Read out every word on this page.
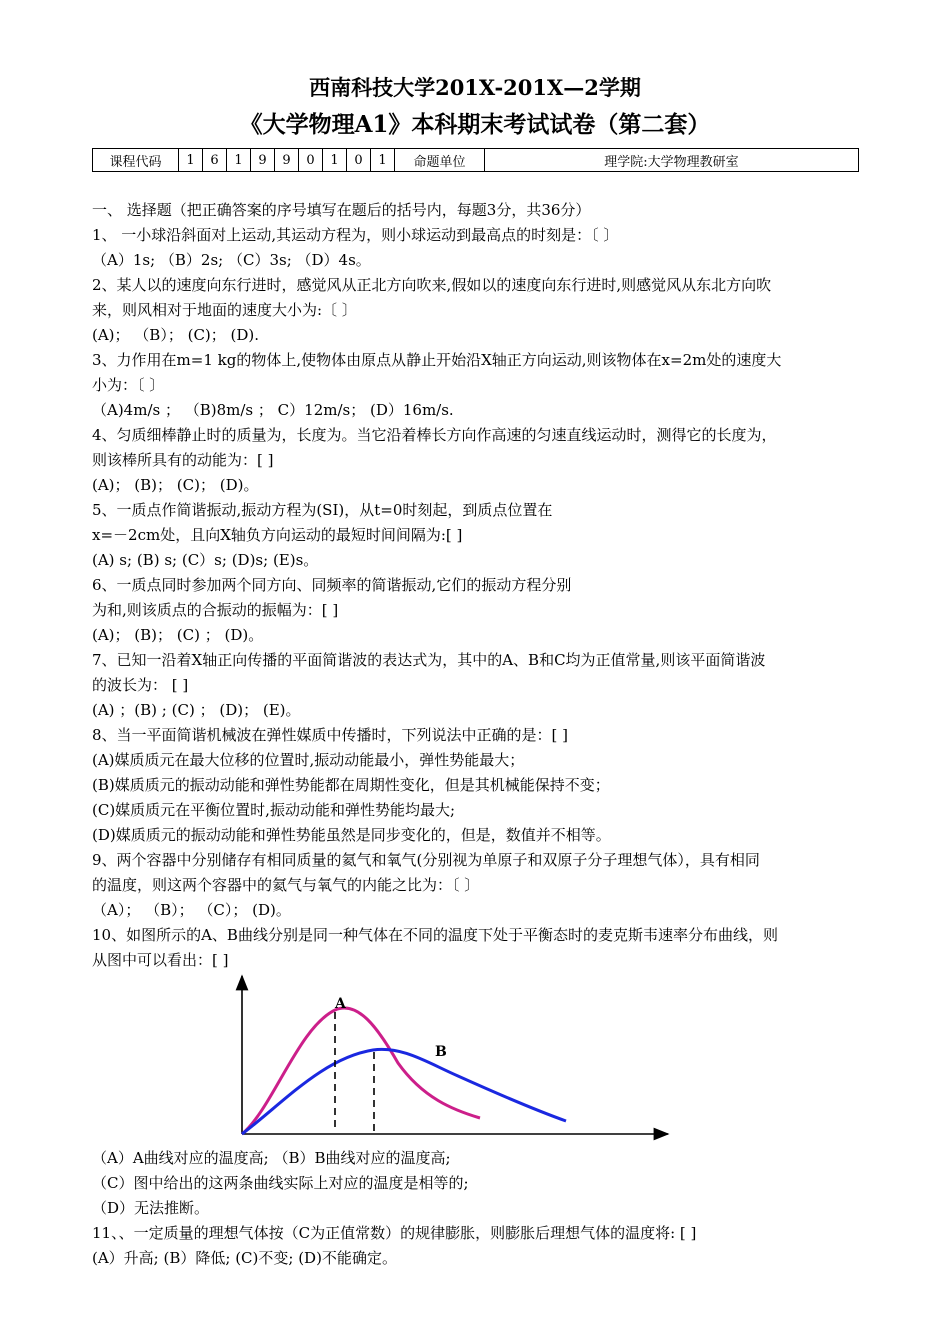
西南科技大学201X-201X—2学期
《大学物理A1》本科期末考试试卷（第二套）
课程代码	1	6	1	9	9	0	1	0	1	命题单位	理学院:大学物理教研室
一、 选择题（把正确答案的序号填写在题后的括号内，每题3分，共36分）
1、 一小球沿斜面对上运动,其运动方程为，则小球运动到最高点的时刻是：〔 〕
（A）1s; （B）2s; （C）3s; （D）4s。
2、某人以的速度向东行进时，感觉风从正北方向吹来,假如以的速度向东行进时,则感觉风从东北方向吹
来，则风相对于地面的速度大小为:〔 〕
(A)； （B）； (C)； (D).
3、力作用在m=1 kg的物体上,使物体由原点从静止开始沿X轴正方向运动,则该物体在x=2m处的速度大
小为：〔 〕
（A)4m/s ； （B)8m/s ； C）12m/s； (D）16m/s.
4、匀质细棒静止时的质量为，长度为。当它沿着棒长方向作高速的匀速直线运动时，测得它的长度为，
则该棒所具有的动能为：[ ]
(A)； (B)； (C)； (D)。
5、一质点作简谐振动,振动方程为(SI)，从t=0时刻起，到质点位置在
x=－2cm处，且向X轴负方向运动的最短时间间隔为:[ ]
(A) s; (B) s; (C）s; (D)s; (E)s。
6、一质点同时参加两个同方向、同频率的简谐振动,它们的振动方程分别
为和,则该质点的合振动的振幅为：[ ]
(A)； (B)； (C) ； (D)。
7、已知一沿着X轴正向传播的平面简谐波的表达式为，其中的A、B和C均为正值常量,则该平面简谐波
的波长为： [ ]
(A) ；(B) ; (C) ； (D)； (E)。
8、当一平面简谐机械波在弹性媒质中传播时，下列说法中正确的是：[ ]
(A)媒质质元在最大位移的位置时,振动动能最小，弹性势能最大；
(B)媒质质元的振动动能和弹性势能都在周期性变化，但是其机械能保持不变；
(C)媒质质元在平衡位置时,振动动能和弹性势能均最大;
(D)媒质质元的振动动能和弹性势能虽然是同步变化的，但是，数值并不相等。
9、两个容器中分别储存有相同质量的氦气和氧气(分别视为单原子和双原子分子理想气体），具有相同
的温度，则这两个容器中的氦气与氧气的内能之比为：〔 〕
（A）； （B）； （C）； (D)。
10、如图所示的A、B曲线分别是同一种气体在不同的温度下处于平衡态时的麦克斯韦速率分布曲线，则
从图中可以看出：[ ]
A
B
（A）A曲线对应的温度高; （B）B曲线对应的温度高;
（C）图中给出的这两条曲线实际上对应的温度是相等的;
（D）无法推断。
11、、一定质量的理想气体按（C为正值常数）的规律膨胀，则膨胀后理想气体的温度将: [ ]
(A）升高; (B）降低; (C)不变; (D)不能确定。
